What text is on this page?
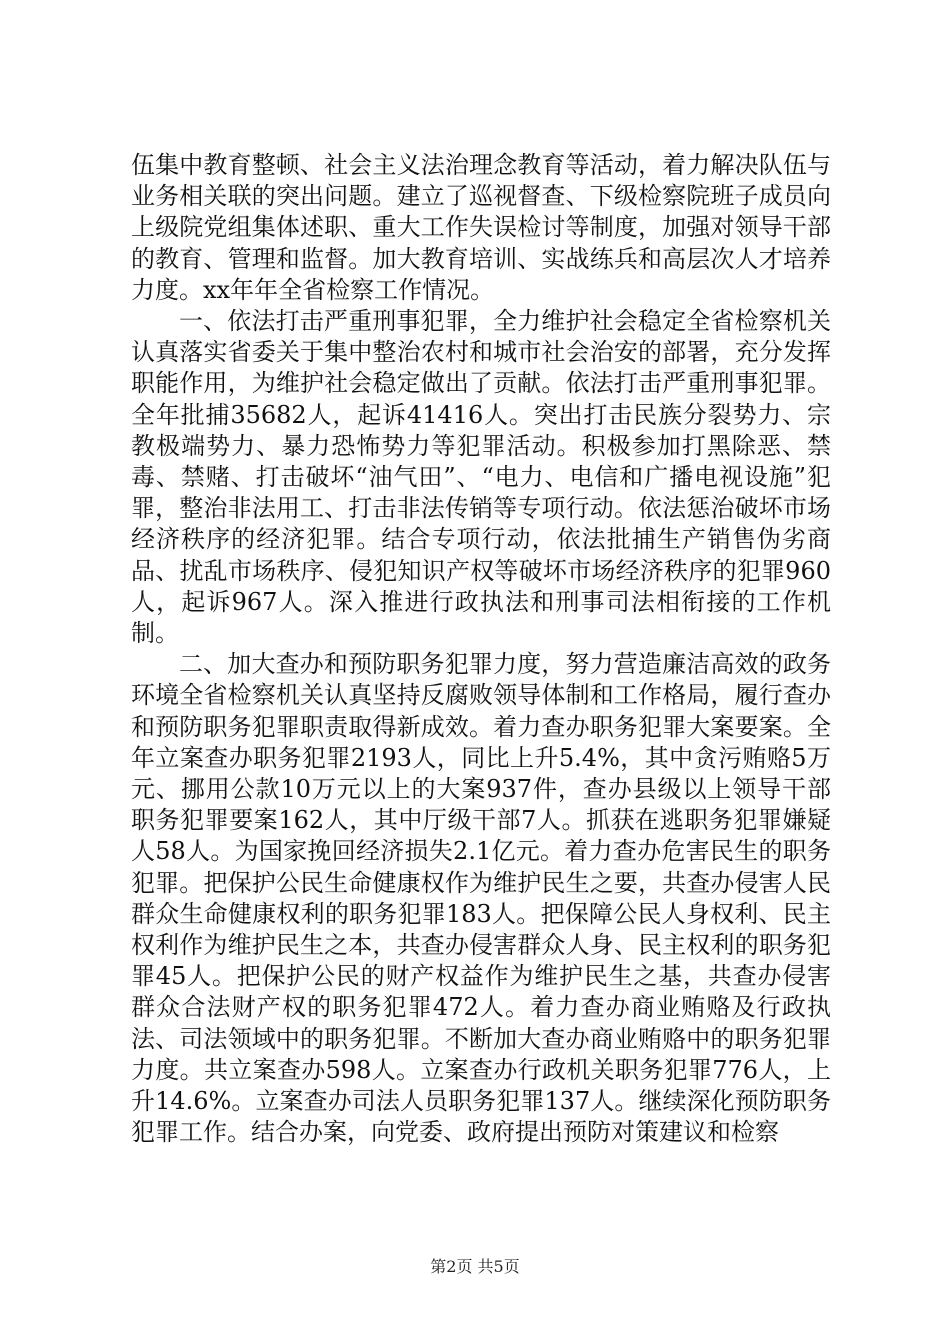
伍集中教育整顿、社会主义法治理念教育等活动，着力解决队伍与业务相关联的突出问题。建立了巡视督查、下级检察院班子成员向上级院党组集体述职、重大工作失误检讨等制度，加强对领导干部的教育、管理和监督。加大教育培训、实战练兵和高层次人才培养力度。xx年年全省检察工作情况。

一、依法打击严重刑事犯罪，全力维护社会稳定全省检察机关认真落实省委关于集中整治农村和城市社会治安的部署，充分发挥职能作用，为维护社会稳定做出了贡献。依法打击严重刑事犯罪。全年批捕35682人，起诉41416人。突出打击民族分裂势力、宗教极端势力、暴力恐怖势力等犯罪活动。积极参加打黑除恶、禁毒、禁赌、打击破坏“油气田”、“电力、电信和广播电视设施”犯罪，整治非法用工、打击非法传销等专项行动。依法惩治破坏市场经济秩序的经济犯罪。结合专项行动，依法批捕生产销售伪劣商品、扰乱市场秩序、侵犯知识产权等破坏市场经济秩序的犯罪960人，起诉967人。深入推进行政执法和刑事司法相衔接的工作机制。

二、加大查办和预防职务犯罪力度，努力营造廉洁高效的政务环境全省检察机关认真坚持反腐败领导体制和工作格局，履行查办和预防职务犯罪职责取得新成效。着力查办职务犯罪大案要案。全年立案查办职务犯罪2193人，同比上升5.4%，其中贪污贿赂5万元、挪用公款10万元以上的大案937件，查办县级以上领导干部职务犯罪要案162人，其中厅级干部7人。抓获在逃职务犯罪嫌疑人58人。为国家挽回经济损失2.1亿元。着力查办危害民生的职务犯罪。把保护公民生命健康权作为维护民生之要，共查办侵害人民群众生命健康权利的职务犯罪183人。把保障公民人身权利、民主权利作为维护民生之本，共查办侵害群众人身、民主权利的职务犯罪45人。把保护公民的财产权益作为维护民生之基，共查办侵害群众合法财产权的职务犯罪472人。着力查办商业贿赂及行政执法、司法领域中的职务犯罪。不断加大查办商业贿赂中的职务犯罪力度。共立案查办598人。立案查办行政机关职务犯罪776人，上升14.6%。立案查办司法人员职务犯罪137人。继续深化预防职务犯罪工作。结合办案，向党委、政府提出预防对策建议和检察

第2页 共5页
